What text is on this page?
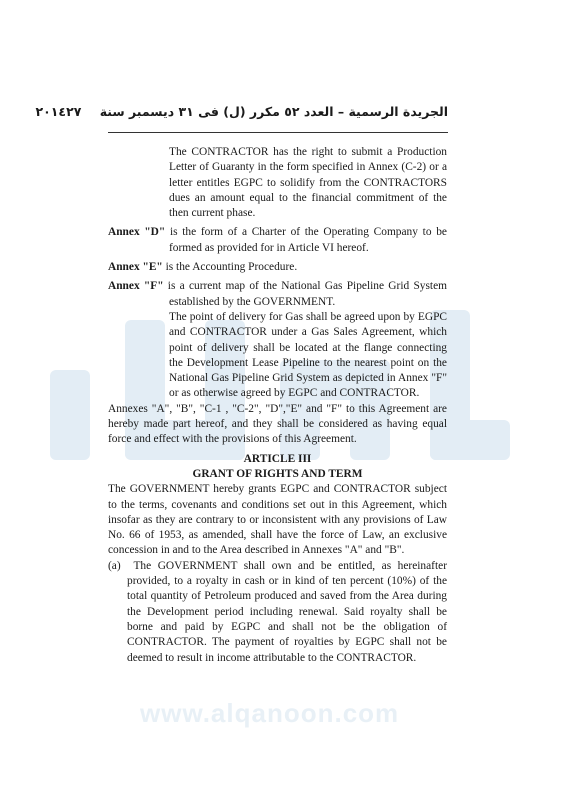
www.alqanoon.com
الجريدة الرسمية – العدد ٥٢ مكرر (ل) فى ٣١ ديسمبر سنة ٢٠١٤٢٧

The CONTRACTOR has the right to submit a Production Letter of Guaranty in the form specified in Annex (C-2) or a letter entitles EGPC to solidify from the CONTRACTORS dues an amount equal to the financial commitment of the then current phase.

Annex "D" is the form of a Charter of the Operating Company to be formed as provided for in Article VI hereof.

Annex "E" is the Accounting Procedure.

Annex "F" is a current map of the National Gas Pipeline Grid System established by the GOVERNMENT.

The point of delivery for Gas shall be agreed upon by EGPC and CONTRACTOR under a Gas Sales Agreement, which point of delivery shall be located at the flange connecting the Development Lease Pipeline to the nearest point on the National Gas Pipeline Grid System as depicted in Annex "F" or as otherwise agreed by EGPC and CONTRACTOR.

Annexes "A", "B", "C-1 , "C-2", "D","E" and "F" to this Agreement are hereby made part hereof, and they shall be considered as having equal force and effect with the provisions of this Agreement.

ARTICLE III

GRANT OF RIGHTS AND TERM

The GOVERNMENT hereby grants EGPC and CONTRACTOR subject to the terms, covenants and conditions set out in this Agreement, which insofar as they are contrary to or inconsistent with any provisions of Law No. 66 of 1953, as amended, shall have the force of Law, an exclusive concession in and to the Area described in Annexes "A" and "B".

(a)  The GOVERNMENT shall own and be entitled, as hereinafter provided, to a royalty in cash or in kind of ten percent (10%) of the total quantity of Petroleum produced and saved from the Area during the Development period including renewal. Said royalty shall be borne and paid by EGPC and shall not be the obligation of CONTRACTOR. The payment of royalties by EGPC shall not be deemed to result in income attributable to the CONTRACTOR.
